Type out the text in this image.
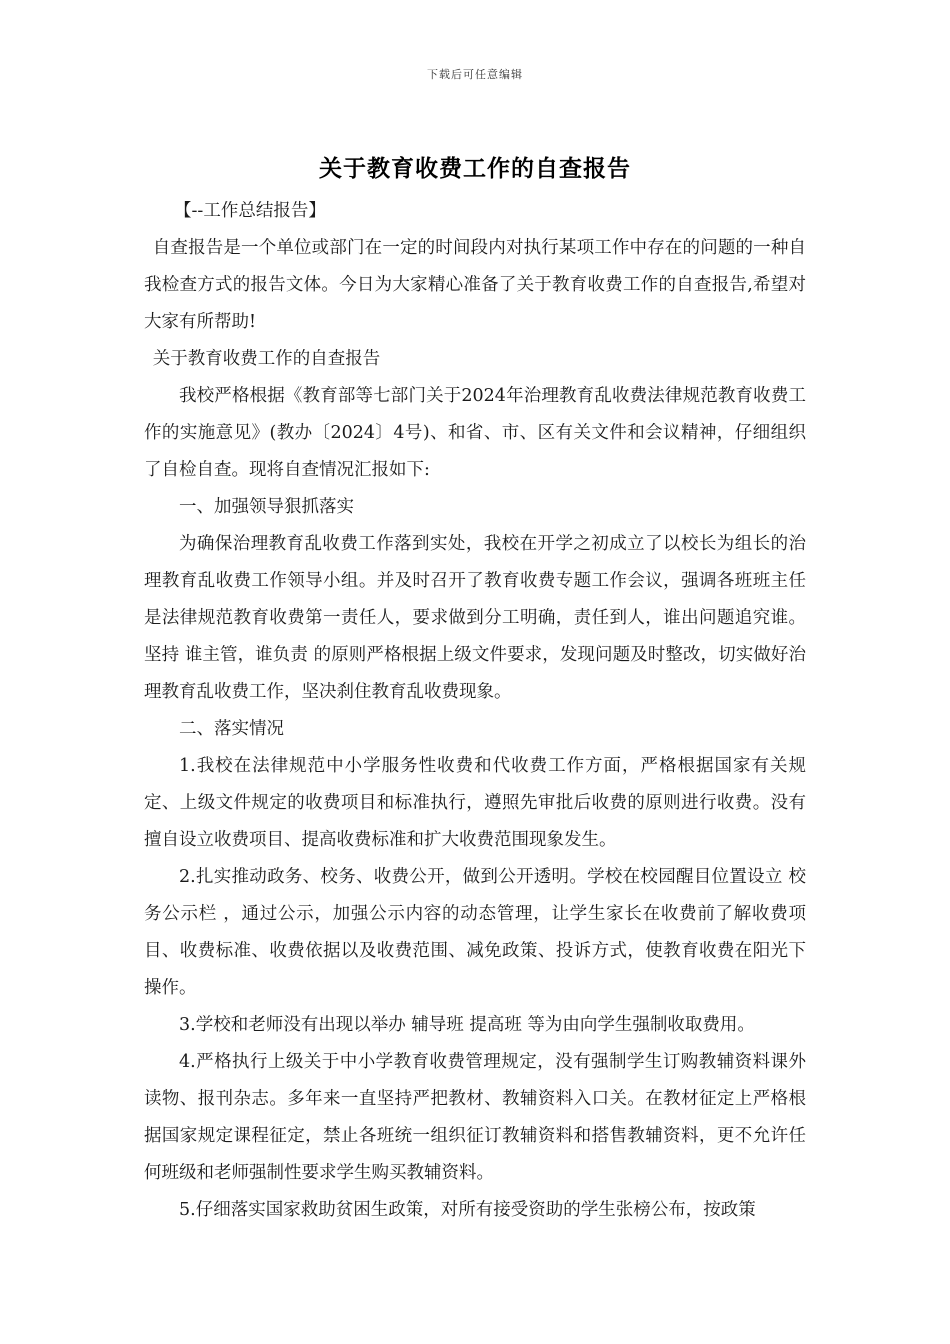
下载后可任意编辑
关于教育收费工作的自查报告

【--工作总结报告】

自查报告是一个单位或部门在一定的时间段内对执行某项工作中存在的问题的一种自我检查方式的报告文体。今日为大家精心准备了关于教育收费工作的自查报告,希望对大家有所帮助!

关于教育收费工作的自查报告

我校严格根据《教育部等七部门关于2024年治理教育乱收费法律规范教育收费工作的实施意见》(教办〔2024〕4号)、和省、市、区有关文件和会议精神，仔细组织了自检自查。现将自查情况汇报如下:

一、加强领导狠抓落实

为确保治理教育乱收费工作落到实处，我校在开学之初成立了以校长为组长的治理教育乱收费工作领导小组。并及时召开了教育收费专题工作会议，强调各班班主任是法律规范教育收费第一责任人，要求做到分工明确，责任到人，谁出问题追究谁。坚持 谁主管，谁负责 的原则严格根据上级文件要求，发现问题及时整改，切实做好治理教育乱收费工作，坚决刹住教育乱收费现象。

二、落实情况

1.我校在法律规范中小学服务性收费和代收费工作方面，严格根据国家有关规定、上级文件规定的收费项目和标准执行，遵照先审批后收费的原则进行收费。没有擅自设立收费项目、提高收费标准和扩大收费范围现象发生。

2.扎实推动政务、校务、收费公开，做到公开透明。学校在校园醒目位置设立 校务公示栏 ，通过公示，加强公示内容的动态管理，让学生家长在收费前了解收费项目、收费标准、收费依据以及收费范围、减免政策、投诉方式，使教育收费在阳光下操作。

3.学校和老师没有出现以举办 辅导班 提高班 等为由向学生强制收取费用。

4.严格执行上级关于中小学教育收费管理规定，没有强制学生订购教辅资料课外读物、报刊杂志。多年来一直坚持严把教材、教辅资料入口关。在教材征定上严格根据国家规定课程征定，禁止各班统一组织征订教辅资料和搭售教辅资料，更不允许任何班级和老师强制性要求学生购买教辅资料。

5.仔细落实国家救助贫困生政策，对所有接受资助的学生张榜公布，按政策
